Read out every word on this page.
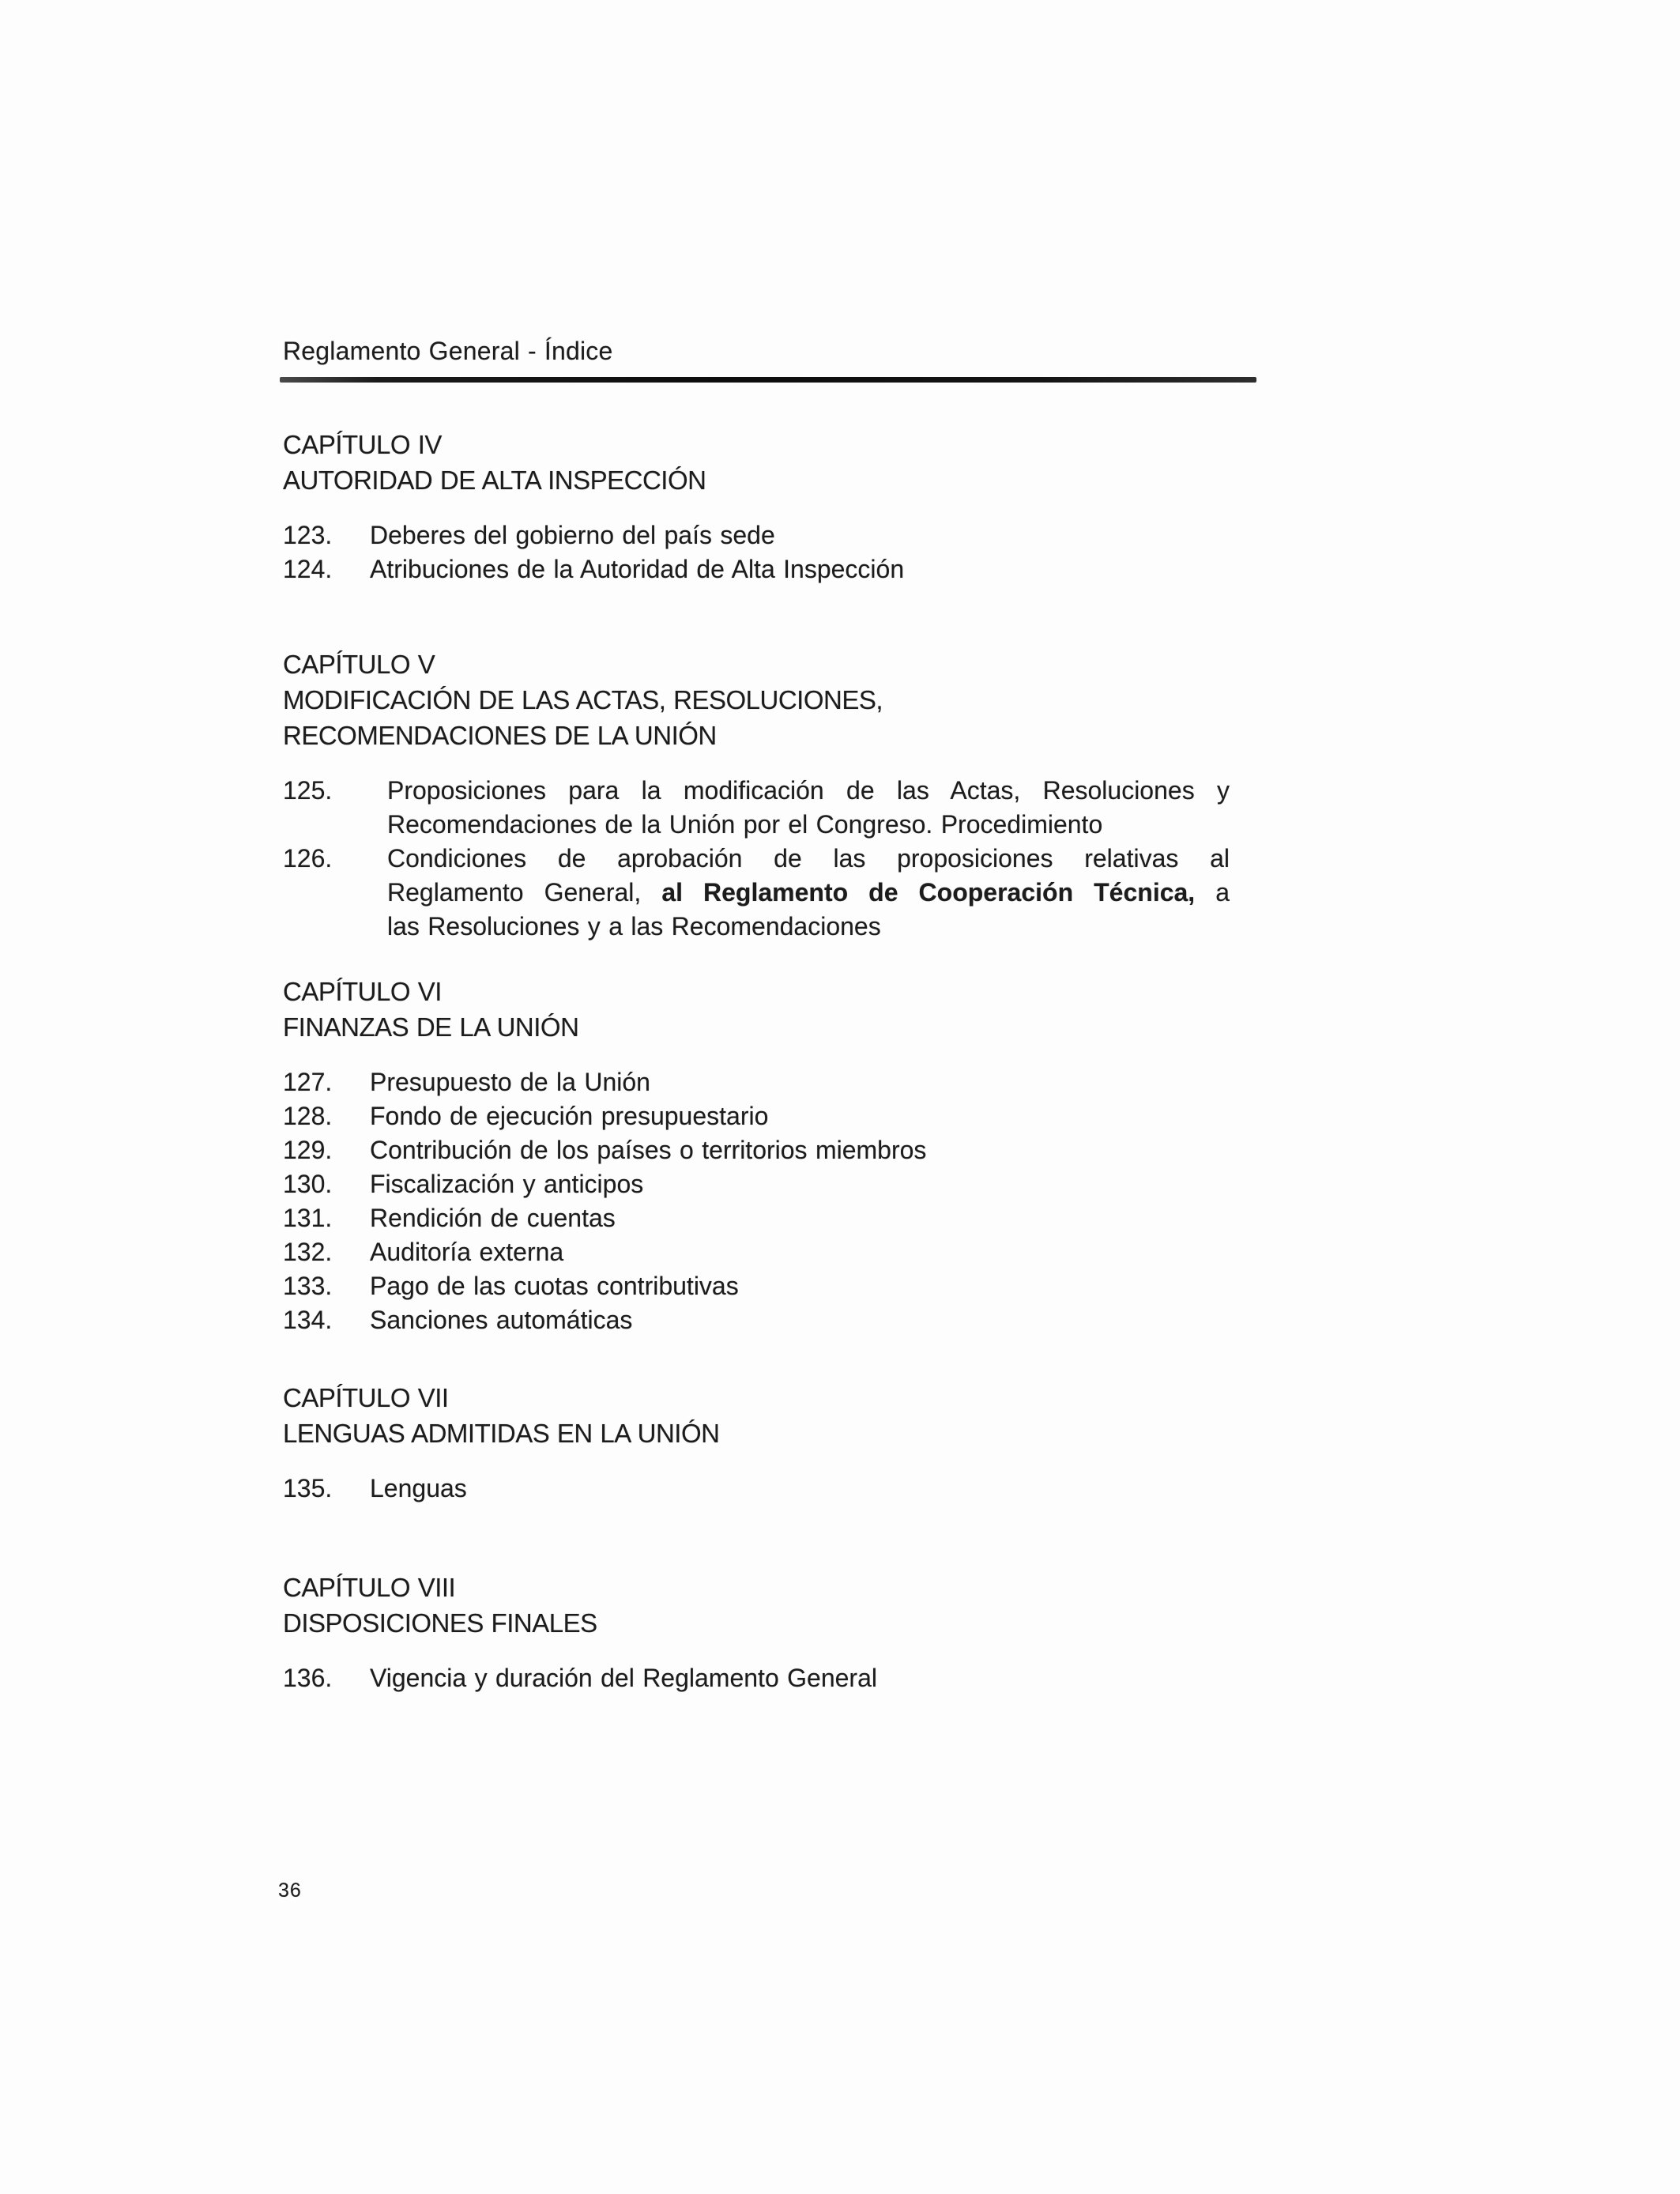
Reglamento General - Índice
CAPÍTULO IV
AUTORIDAD DE ALTA INSPECCIÓN
123.	Deberes del gobierno del país sede
124.	Atribuciones de la Autoridad de Alta Inspección
CAPÍTULO V
MODIFICACIÓN DE LAS ACTAS, RESOLUCIONES,
RECOMENDACIONES DE LA UNIÓN
125.	Proposiciones para la modificación de las Actas, Resoluciones y
Recomendaciones de la Unión por el Congreso. Procedimiento
126.	Condiciones de aprobación de las proposiciones relativas al
Reglamento General, al Reglamento de Cooperación Técnica, a
las Resoluciones y a las Recomendaciones
CAPÍTULO VI
FINANZAS DE LA UNIÓN
127.	Presupuesto de la Unión
128.	Fondo de ejecución presupuestario
129.	Contribución de los países o territorios miembros
130.	Fiscalización y anticipos
131.	Rendición de cuentas
132.	Auditoría externa
133.	Pago de las cuotas contributivas
134.	Sanciones automáticas
CAPÍTULO VII
LENGUAS ADMITIDAS EN LA UNIÓN
135.	Lenguas
CAPÍTULO VIII
DISPOSICIONES FINALES
136.	Vigencia y duración del Reglamento General
36
